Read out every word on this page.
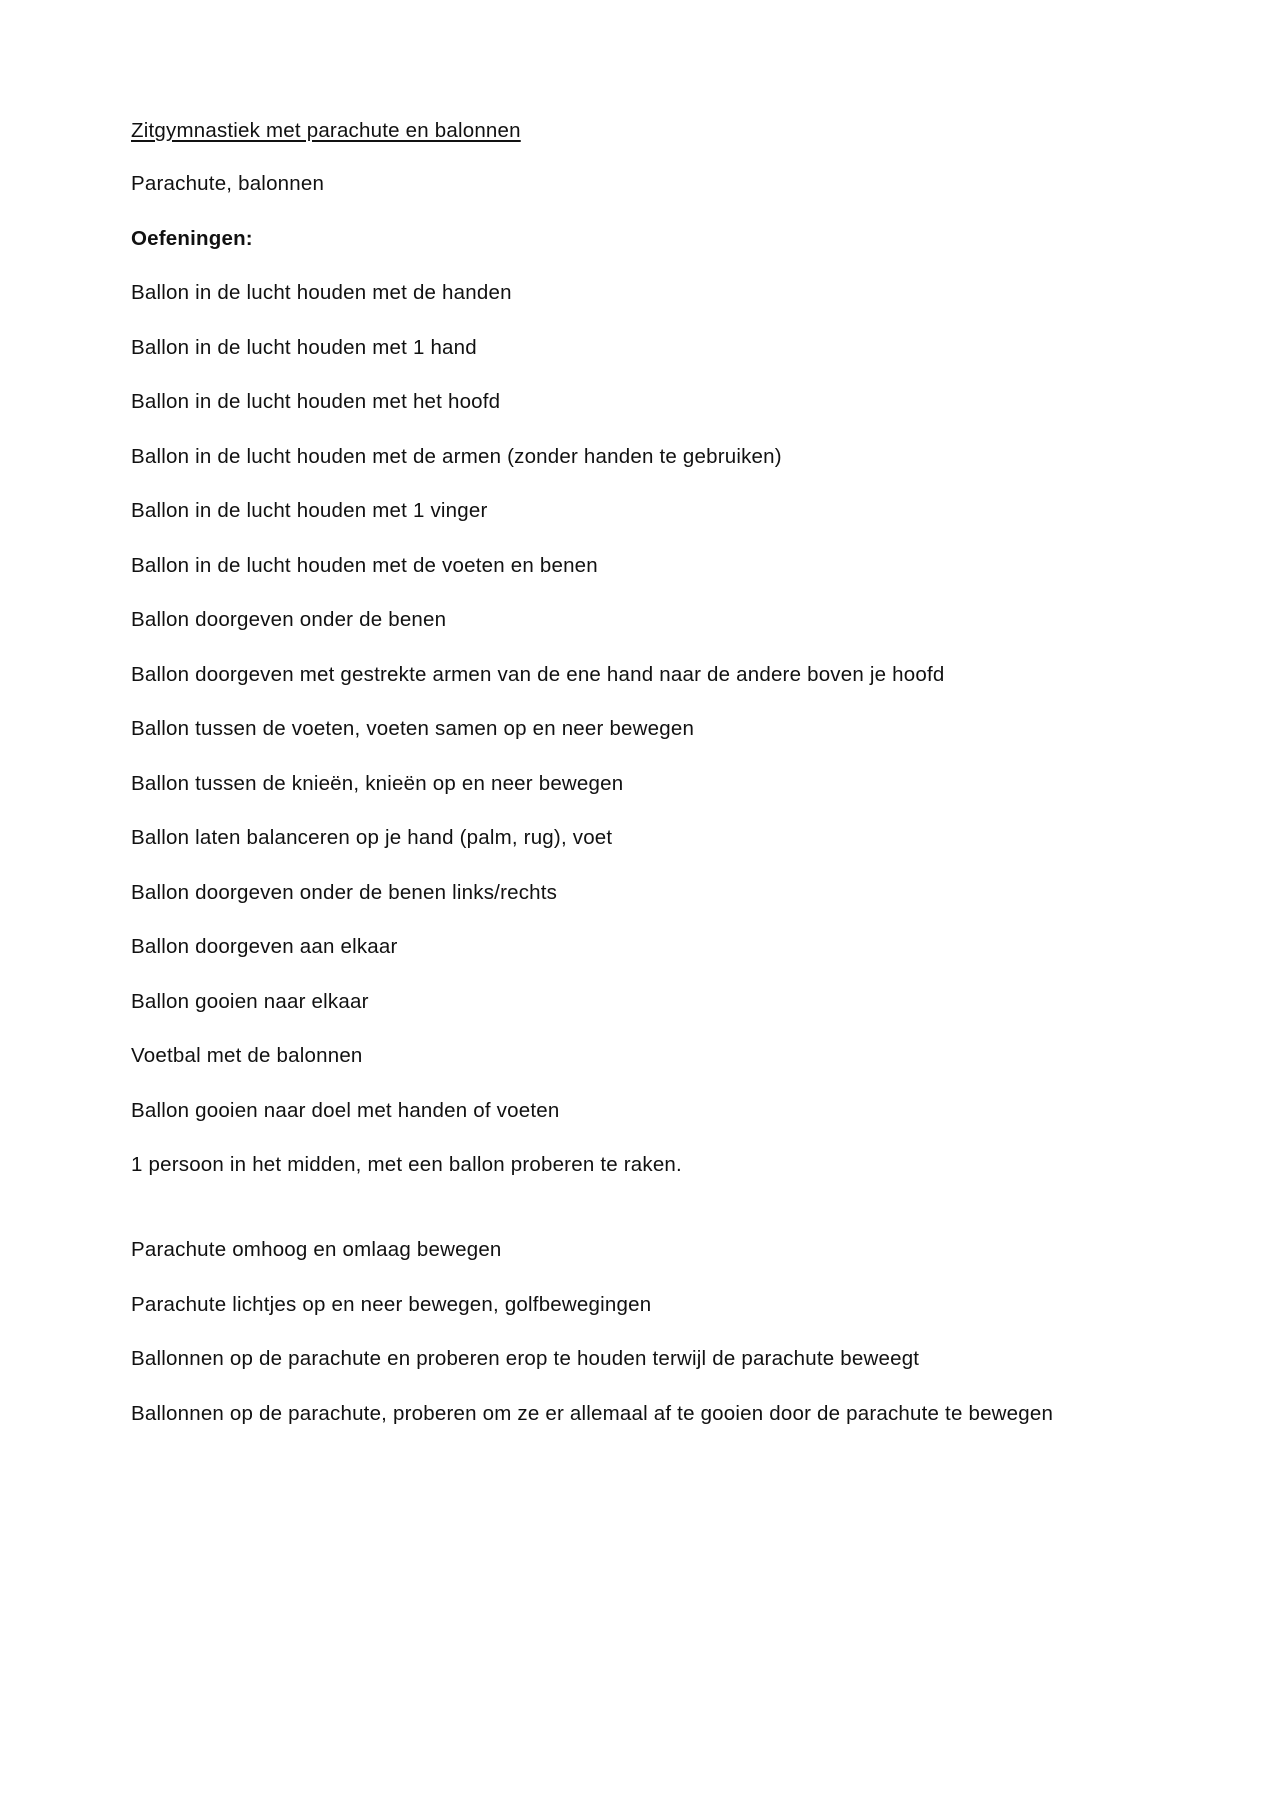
Zitgymnastiek met parachute en balonnen

Parachute, balonnen

Oefeningen:

Ballon in de lucht houden met de handen

Ballon in de lucht houden met 1 hand

Ballon in de lucht houden met het hoofd

Ballon in de lucht houden met de armen (zonder handen te gebruiken)

Ballon in de lucht houden met 1 vinger

Ballon in de lucht houden met de voeten en benen

Ballon doorgeven onder de benen

Ballon doorgeven met gestrekte armen van de ene hand naar de andere boven je hoofd

Ballon tussen de voeten, voeten samen op en neer bewegen

Ballon tussen de knieën, knieën op en neer bewegen

Ballon laten balanceren op je hand (palm, rug), voet

Ballon doorgeven onder de benen links/rechts

Ballon doorgeven aan elkaar

Ballon gooien naar elkaar

Voetbal met de balonnen

Ballon gooien naar doel met handen of voeten

1 persoon in het midden, met een ballon proberen te raken.

Parachute omhoog en omlaag bewegen

Parachute lichtjes op en neer bewegen, golfbewegingen

Ballonnen op de parachute en proberen erop te houden terwijl de parachute beweegt

Ballonnen op de parachute, proberen om ze er allemaal af te gooien door de parachute te bewegen
